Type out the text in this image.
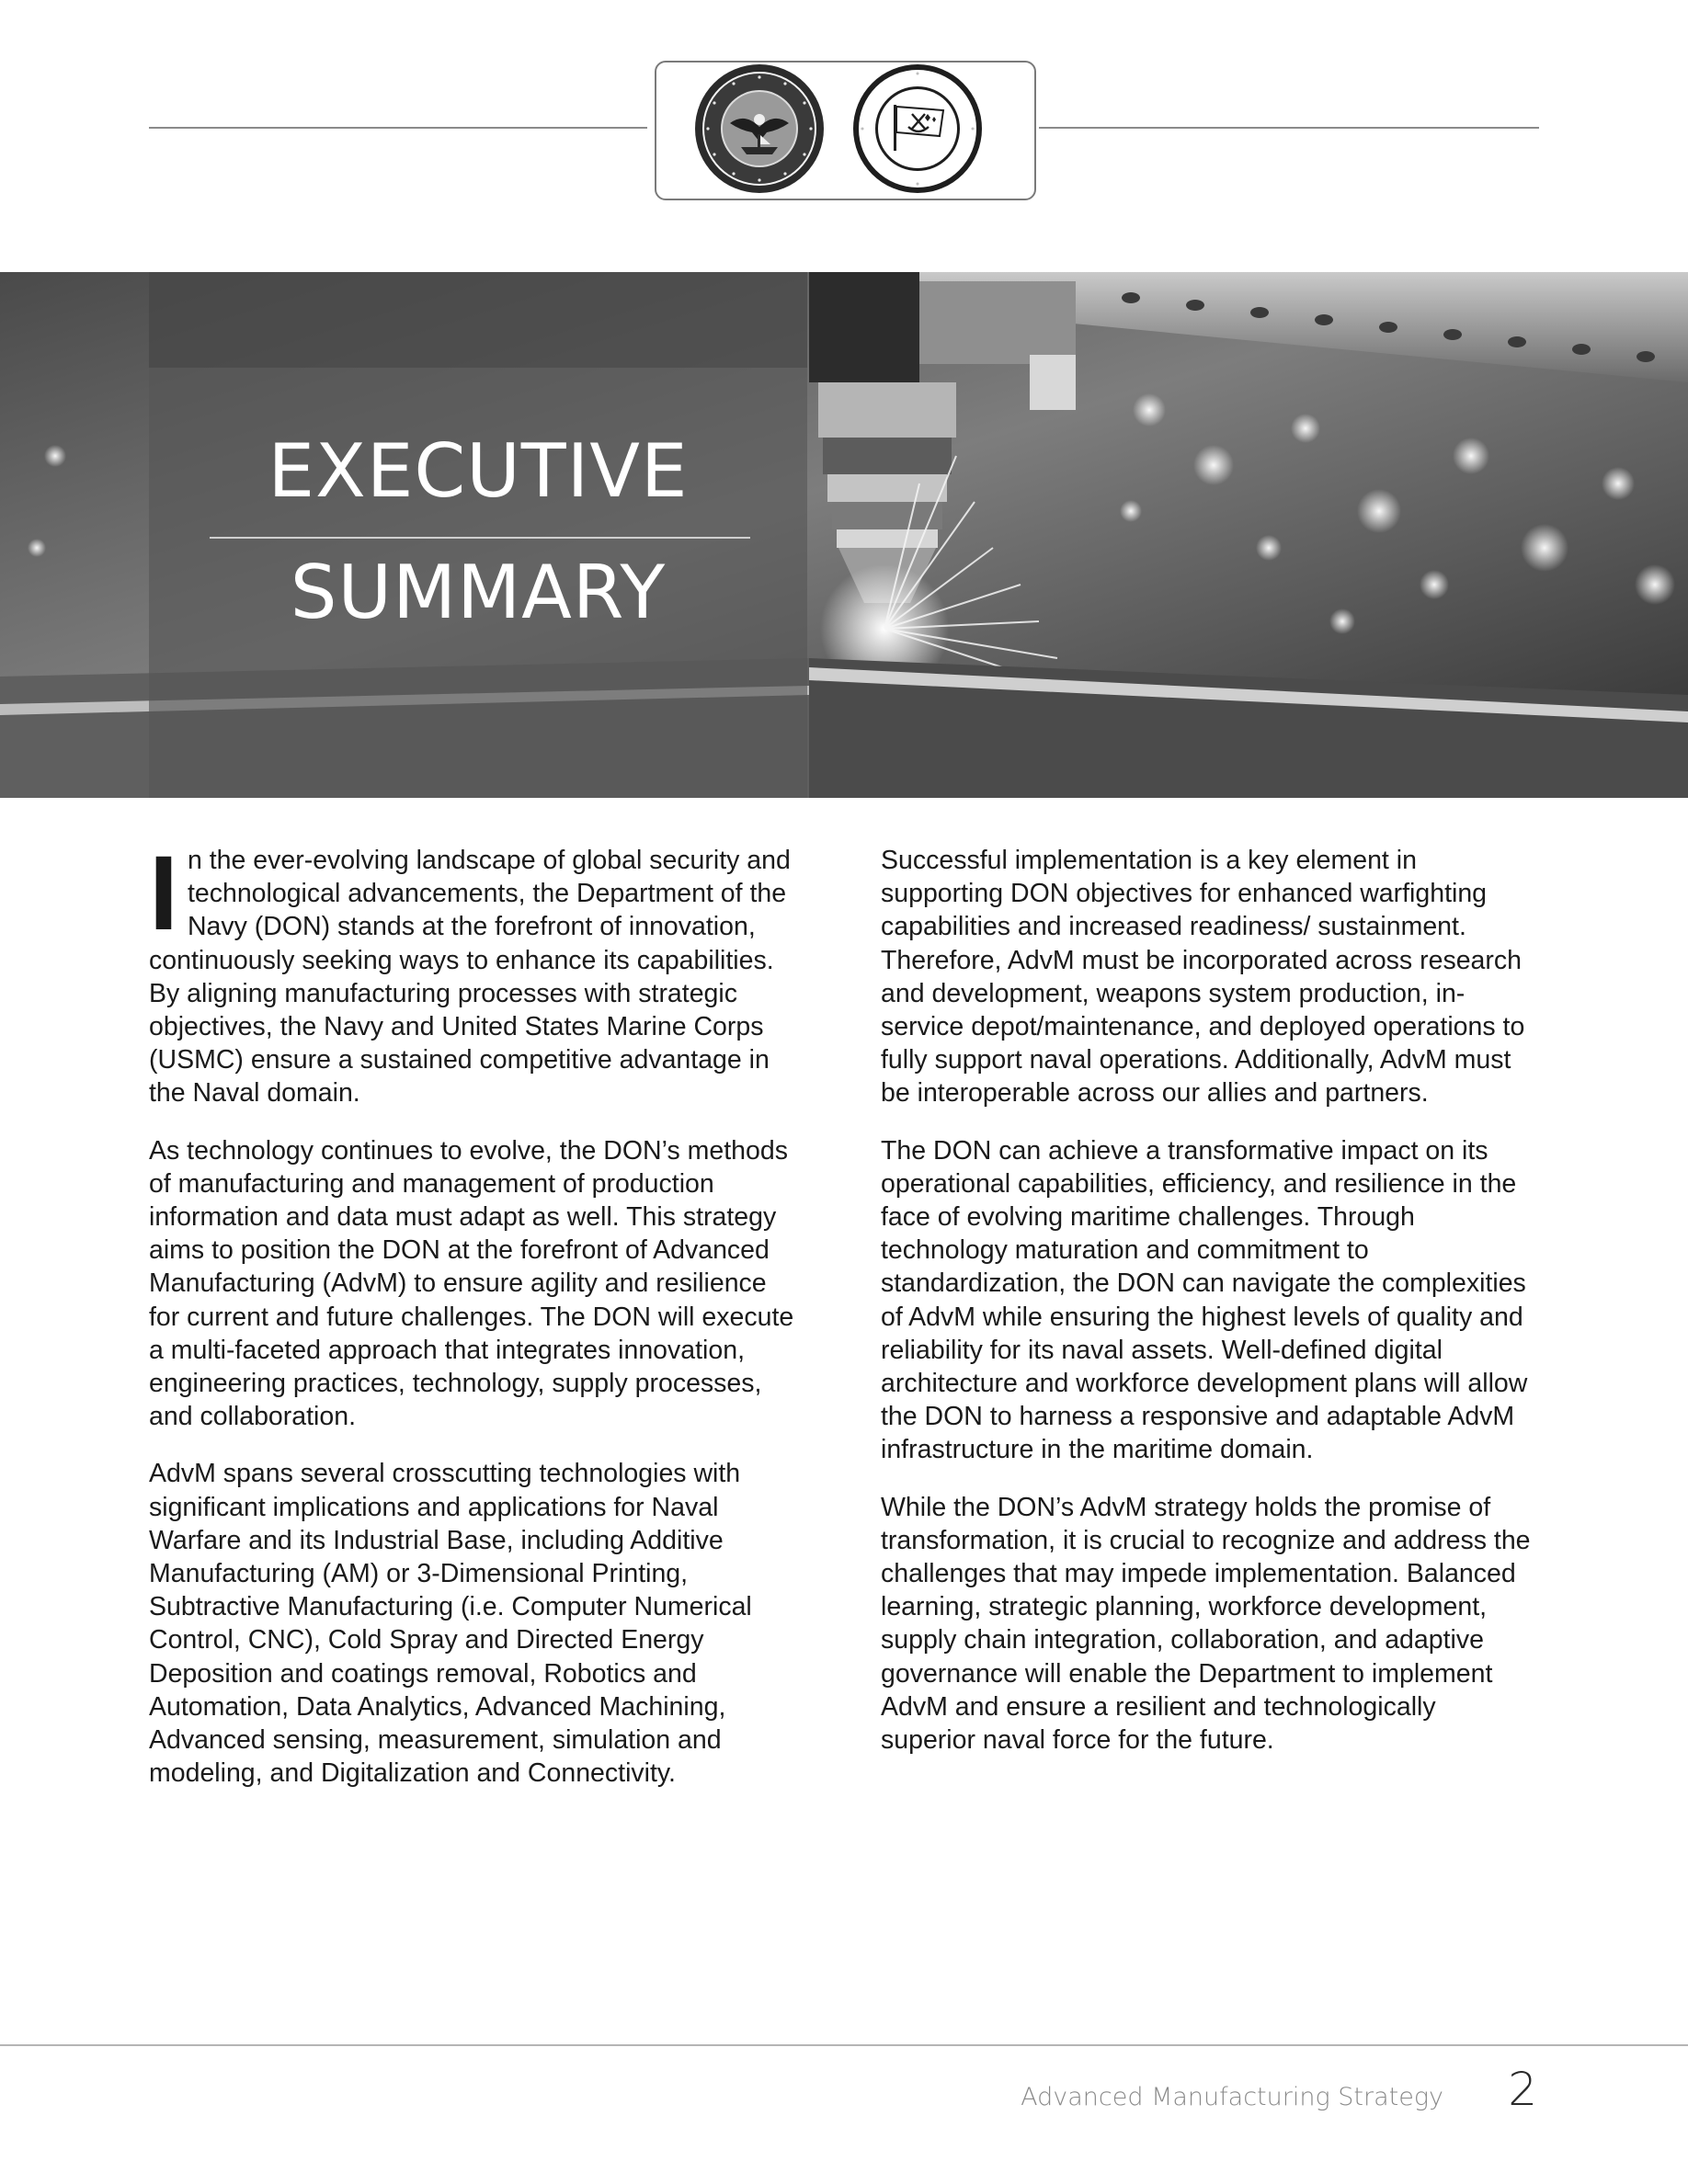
EXECUTIVE
SUMMARY

In the ever-evolving landscape of global security and technological advancements, the Department of the Navy (DON) stands at the forefront of innovation, continuously seeking ways to enhance its capabilities. By aligning manufacturing processes with strategic objectives, the Navy and United States Marine Corps (USMC) ensure a sustained competitive advantage in the Naval domain.

As technology continues to evolve, the DON’s methods of manufacturing and management of production information and data must adapt as well. This strategy aims to position the DON at the forefront of Advanced Manufacturing (AdvM) to ensure agility and resilience for current and future challenges. The DON will execute a multi-faceted approach that integrates innovation, engineering practices, technology, supply processes, and collaboration.

AdvM spans several crosscutting technologies with significant implications and applications for Naval Warfare and its Industrial Base, including Additive Manufacturing (AM) or 3-Dimensional Printing, Subtractive Manufacturing (i.e. Computer Numerical Control, CNC), Cold Spray and Directed Energy Deposition and coatings removal, Robotics and Automation, Data Analytics, Advanced Machining, Advanced sensing, measurement, simulation and modeling, and Digitalization and Connectivity.

Successful implementation is a key element in supporting DON objectives for enhanced warfighting capabilities and increased readiness/ sustainment. Therefore, AdvM must be incorporated across research and development, weapons system production, in-service depot/maintenance, and deployed operations to fully support naval operations. Additionally, AdvM must be interoperable across our allies and partners.

The DON can achieve a transformative impact on its operational capabilities, efficiency, and resilience in the face of evolving maritime challenges. Through technology maturation and commitment to standardization, the DON can navigate the complexities of AdvM while ensuring the highest levels of quality and reliability for its naval assets. Well-defined digital architecture and workforce development plans will allow the DON to harness a responsive and adaptable AdvM infrastructure in the maritime domain.

While the DON’s AdvM strategy holds the promise of transformation, it is crucial to recognize and address the challenges that may impede implementation. Balanced learning, strategic planning, workforce development, supply chain integration, collaboration, and adaptive governance will enable the Department to implement AdvM and ensure a resilient and technologically superior naval force for the future.

Advanced Manufacturing Strategy 2
